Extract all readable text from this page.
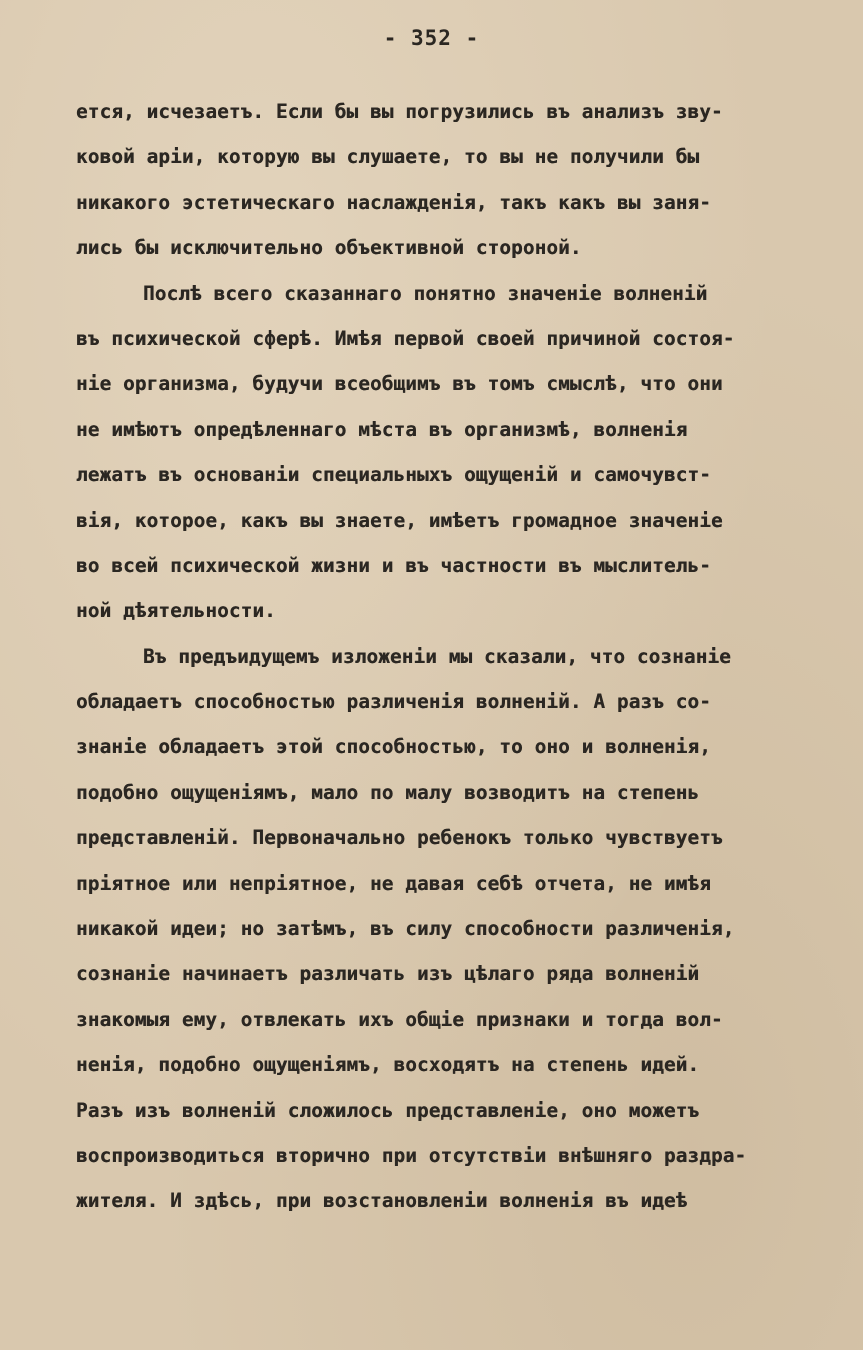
- 352 -
ется, исчезаетъ. Если бы вы погрузились въ анализъ зву-
ковой арiи, которую вы слушаете, то вы не получили бы
никакого эстетическаго наслажденiя, такъ какъ вы заня-
лись бы исключительно объективной стороной.
Послѣ всего сказаннаго понятно значенiе волненiй
въ психической сферѣ. Имѣя первой своей причиной состоя-
нiе организма, будучи всеобщимъ въ томъ смыслѣ, что они
не имѣютъ опредѣленнаго мѣста въ организмѣ, волненiя
лежатъ въ основанiи специальныхъ ощущенiй и самочувст-
вiя, которое, какъ вы знаете, имѣетъ громадное значенiе
во всей психической жизни и въ частности въ мыслитель-
ной дѣятельности.
Въ предъидущемъ изложенiи мы сказали, что сознанiе
обладаетъ способностью различенiя волненiй. А разъ со-
знанiе обладаетъ этой способностью, то оно и волненiя,
подобно ощущенiямъ, мало по малу возводитъ на степень
представленiй. Первоначально ребенокъ только чувствуетъ
прiятное или непрiятное, не давая себѣ отчета, не имѣя
никакой идеи; но затѣмъ, въ силу способности различенiя,
сознанiе начинаетъ различать изъ цѣлаго ряда волненiй
знакомыя ему, отвлекать ихъ общiе признаки и тогда вол-
ненiя, подобно ощущенiямъ, восходятъ на степень идей.
Разъ изъ волненiй сложилось представленiе, оно можетъ
воспроизводиться вторично при отсутствiи внѣшняго раздра-
жителя. И здѣсь, при возстановленiи волненiя въ идеѣ
